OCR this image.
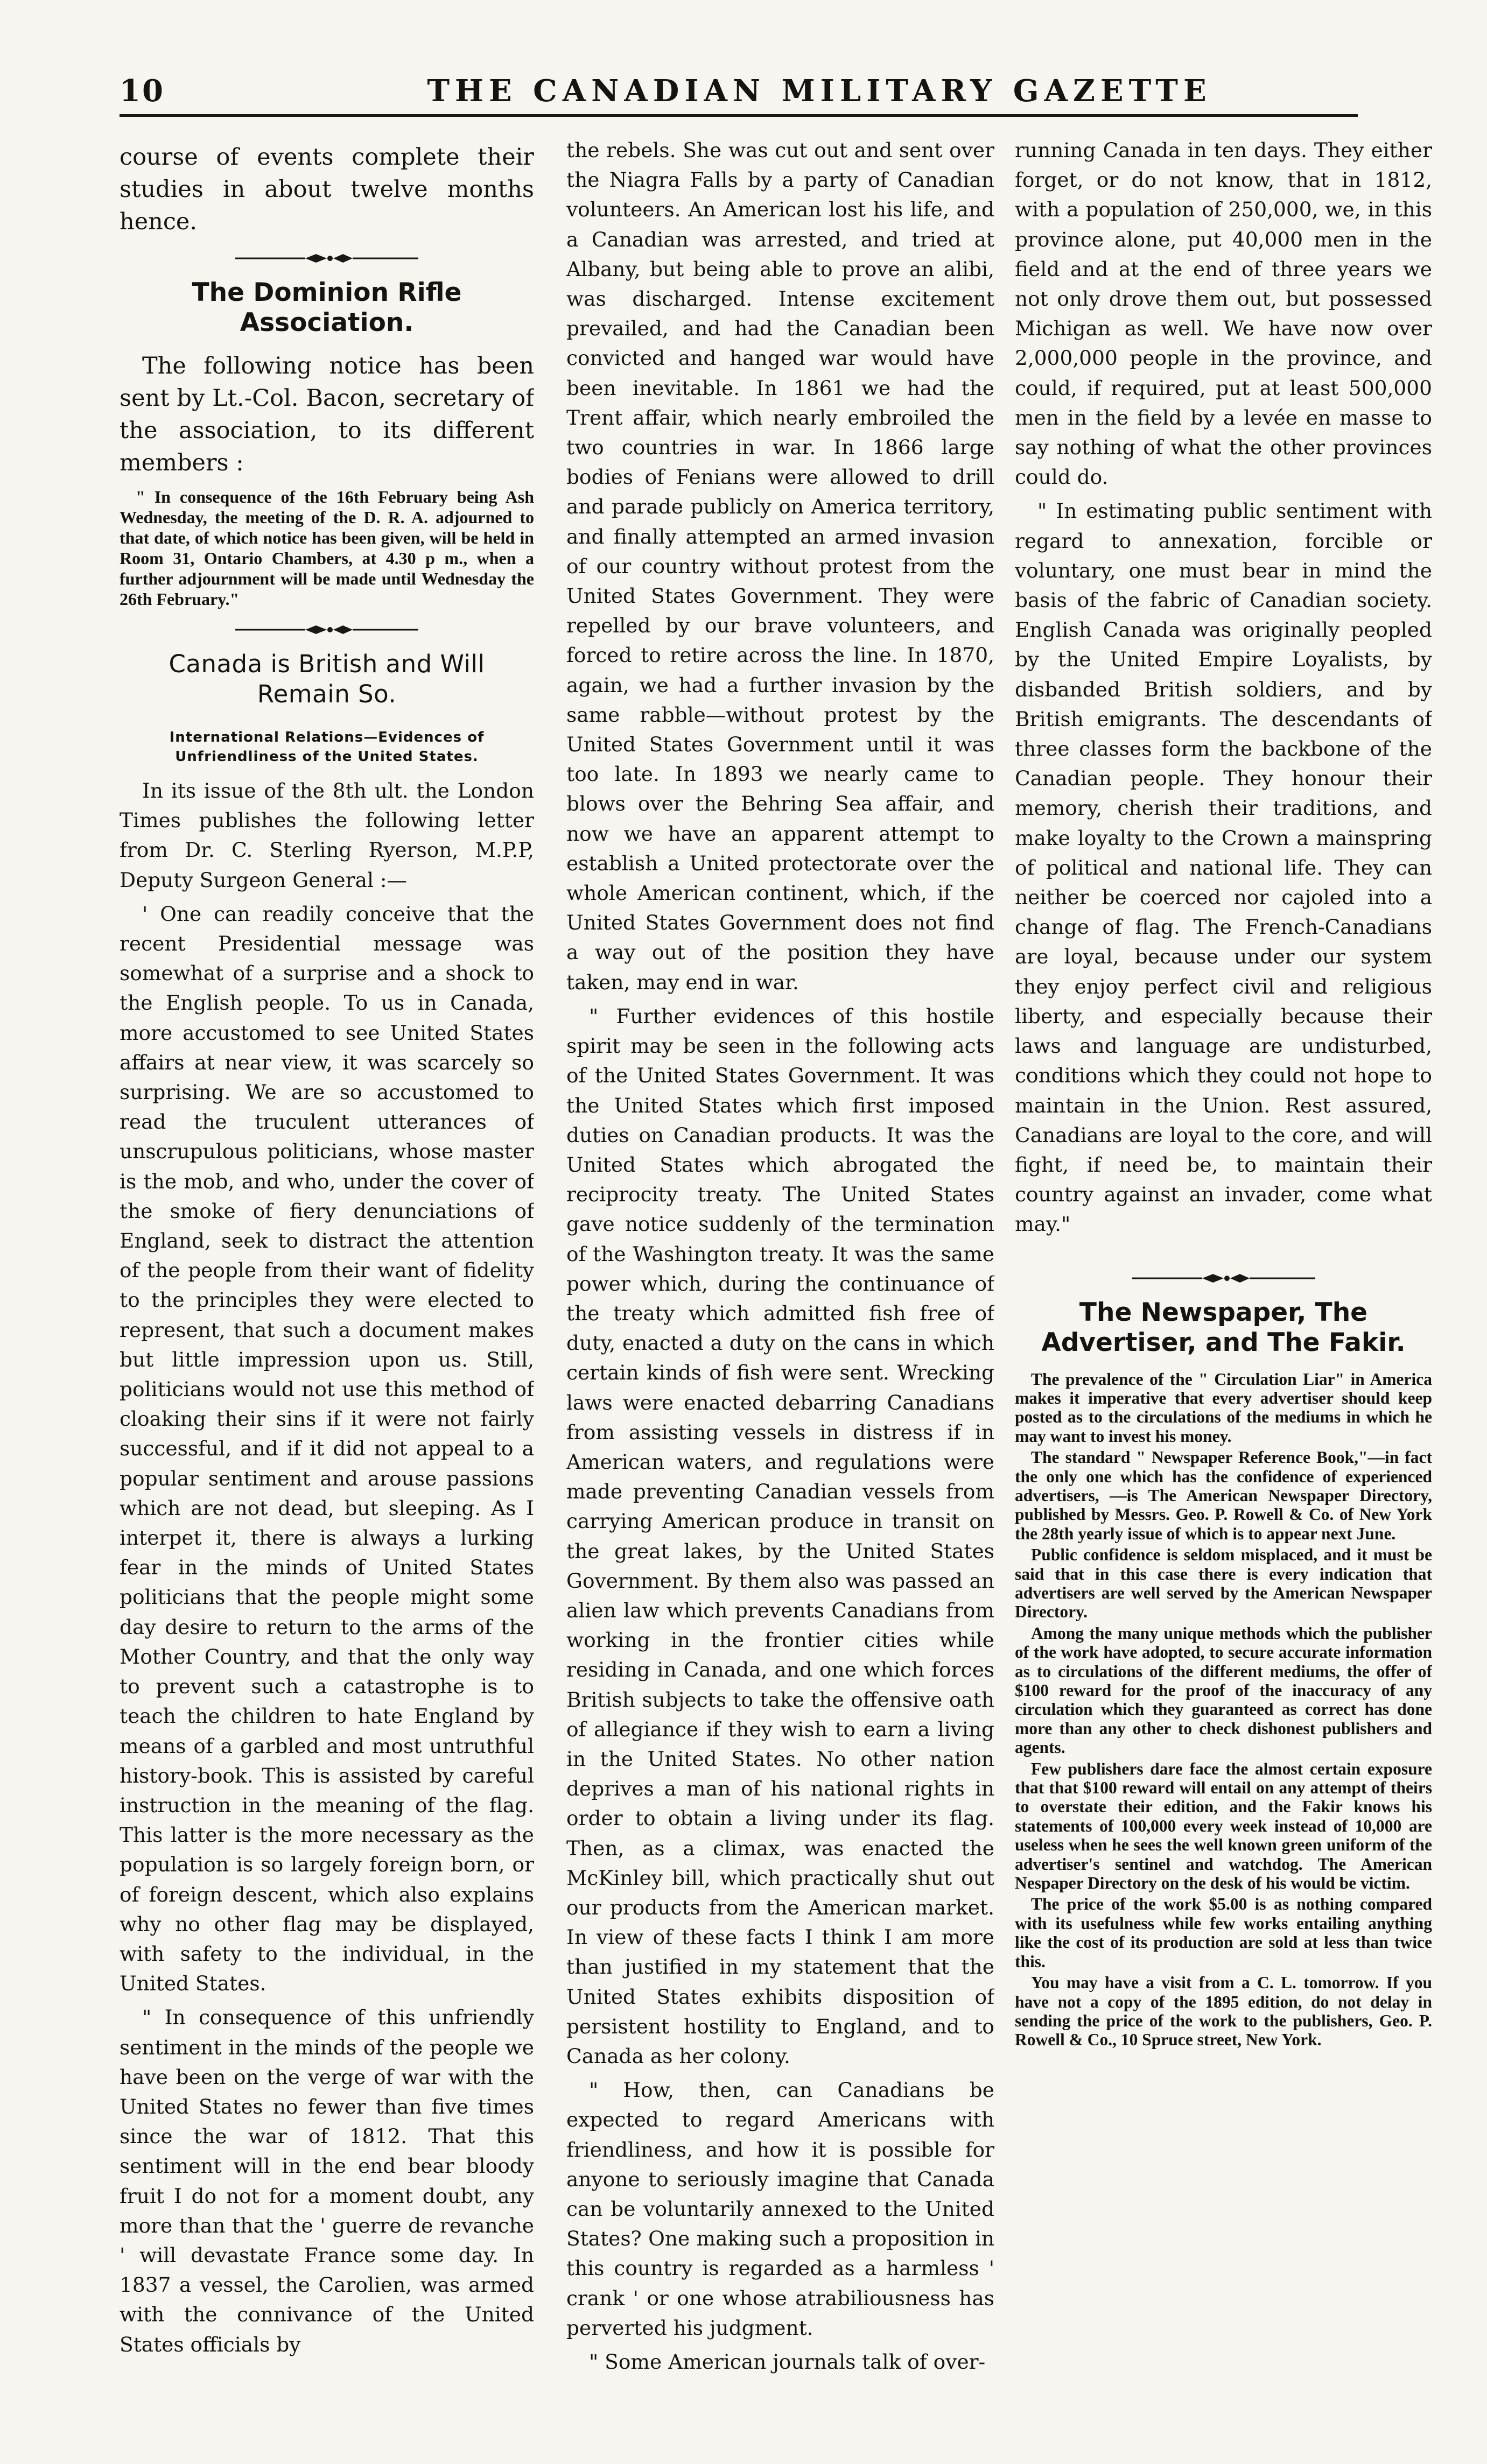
10	THE CANADIAN MILITARY GAZETTE

course of events complete their studies in about twelve months hence.

The Dominion Rifle Association.

The following notice has been sent by Lt.-Col. Bacon, secretary of the association, to its different members :

" In consequence of the 16th February being Ash Wednesday, the meeting of the D. R. A. adjourned to that date, of which notice has been given, will be held in Room 31, Ontario Chambers, at 4.30 p m., when a further adjournment will be made until Wednesday the 26th February."

Canada is British and Will Remain So.
International Relations—Evidences of Unfriendliness of the United States.

In its issue of the 8th ult. the London Times publishes the following letter from Dr. C. Sterling Ryerson, M.P.P, Deputy Surgeon General :—

' One can readily conceive that the recent Presidential message was somewhat of a surprise and a shock to the English people. To us in Canada, more accustomed to see United States affairs at near view, it was scarcely so surprising. We are so accustomed to read the truculent utterances of unscrupulous politicians, whose master is the mob, and who, under the cover of the smoke of fiery denunciations of England, seek to distract the attention of the people from their want of fidelity to the principles they were elected to represent, that such a document makes but little impression upon us. Still, politicians would not use this method of cloaking their sins if it were not fairly successful, and if it did not appeal to a popular sentiment and arouse passions which are not dead, but sleeping. As I interpet it, there is always a lurking fear in the minds of United States politicians that the people might some day desire to return to the arms of the Mother Country, and that the only way to prevent such a catastrophe is to teach the children to hate England by means of a garbled and most untruthful history-book. This is assisted by careful instruction in the meaning of the flag. This latter is the more necessary as the population is so largely foreign born, or of foreign descent, which also explains why no other flag may be displayed, with safety to the individual, in the United States.

" In consequence of this unfriendly sentiment in the minds of the people we have been on the verge of war with the United States no fewer than five times since the war of 1812. That this sentiment will in the end bear bloody fruit I do not for a moment doubt, any more than that the ' guerre de revanche ' will devastate France some day. In 1837 a vessel, the Carolien, was armed with the connivance of the United States officials by

the rebels. She was cut out and sent over the Niagra Falls by a party of Canadian volunteers. An American lost his life, and a Canadian was arrested, and tried at Albany, but being able to prove an alibi, was discharged. Intense excitement prevailed, and had the Canadian been convicted and hanged war would have been inevitable. In 1861 we had the Trent affair, which nearly embroiled the two countries in war. In 1866 large bodies of Fenians were allowed to drill and parade publicly on America territory, and finally attempted an armed invasion of our country without protest from the United States Government. They were repelled by our brave volunteers, and forced to retire across the line. In 1870, again, we had a further invasion by the same rabble—without protest by the United States Government until it was too late. In 1893 we nearly came to blows over the Behring Sea affair, and now we have an apparent attempt to establish a United protectorate over the whole American continent, which, if the United States Government does not find a way out of the position they have taken, may end in war.

" Further evidences of this hostile spirit may be seen in the following acts of the United States Government. It was the United States which first imposed duties on Canadian products. It was the United States which abrogated the reciprocity treaty. The United States gave notice suddenly of the termination of the Washington treaty. It was the same power which, during the continuance of the treaty which admitted fish free of duty, enacted a duty on the cans in which certain kinds of fish were sent. Wrecking laws were enacted debarring Canadians from assisting vessels in distress if in American waters, and regulations were made preventing Canadian vessels from carrying American produce in transit on the great lakes, by the United States Government. By them also was passed an alien law which prevents Canadians from working in the frontier cities while residing in Canada, and one which forces British subjects to take the offensive oath of allegiance if they wish to earn a living in the United States. No other nation deprives a man of his national rights in order to obtain a living under its flag. Then, as a climax, was enacted the McKinley bill, which practically shut out our products from the American market. In view of these facts I think I am more than justified in my statement that the United States exhibits disposition of persistent hostility to England, and to Canada as her colony.

" How, then, can Canadians be expected to regard Americans with friendliness, and how it is possible for anyone to seriously imagine that Canada can be voluntarily annexed to the United States? One making such a proposition in this country is regarded as a harmless ' crank ' or one whose atrabiliousness has perverted his judgment.

" Some American journals talk of over-

running Canada in ten days. They either forget, or do not know, that in 1812, with a population of 250,000, we, in this province alone, put 40,000 men in the field and at the end of three years we not only drove them out, but possessed Michigan as well. We have now over 2,000,000 people in the province, and could, if required, put at least 500,000 men in the field by a levée en masse to say nothing of what the other provinces could do.

" In estimating public sentiment with regard to annexation, forcible or voluntary, one must bear in mind the basis of the fabric of Canadian society. English Canada was originally peopled by the United Empire Loyalists, by disbanded British soldiers, and by British emigrants. The descendants of three classes form the backbone of the Canadian people. They honour their memory, cherish their traditions, and make loyalty to the Crown a mainspring of political and national life. They can neither be coerced nor cajoled into a change of flag. The French-Canadians are loyal, because under our system they enjoy perfect civil and religious liberty, and especially because their laws and language are undisturbed, conditions which they could not hope to maintain in the Union. Rest assured, Canadians are loyal to the core, and will fight, if need be, to maintain their country against an invader, come what may."

The Newspaper, The Advertiser, and The Fakir.

The prevalence of the " Circulation Liar" in America makes it imperative that every advertiser should keep posted as to the circulations of the mediums in which he may want to invest his money.

The standard " Newspaper Reference Book,"—in fact the only one which has the confidence of experienced advertisers, —is The American Newspaper Directory, published by Messrs. Geo. P. Rowell & Co. of New York the 28th yearly issue of which is to appear next June.

Public confidence is seldom misplaced, and it must be said that in this case there is every indication that advertisers are well served by the American Newspaper Directory.

Among the many unique methods which the publisher of the work have adopted, to secure accurate information as to circulations of the different mediums, the offer of $100 reward for the proof of the inaccuracy of any circulation which they guaranteed as correct has done more than any other to check dishonest publishers and agents.

Few publishers dare face the almost certain exposure that that $100 reward will entail on any attempt of theirs to overstate their edition, and the Fakir knows his statements of 100,000 every week instead of 10,000 are useless when he sees the well known green uniform of the advertiser's sentinel and watchdog. The American Nespaper Directory on the desk of his would be victim.

The price of the work $5.00 is as nothing compared with its usefulness while few works entailing anything like the cost of its production are sold at less than twice this.

You may have a visit from a C. L. tomorrow. If you have not a copy of the 1895 edition, do not delay in sending the price of the work to the publishers, Geo. P. Rowell & Co., 10 Spruce street, New York.
